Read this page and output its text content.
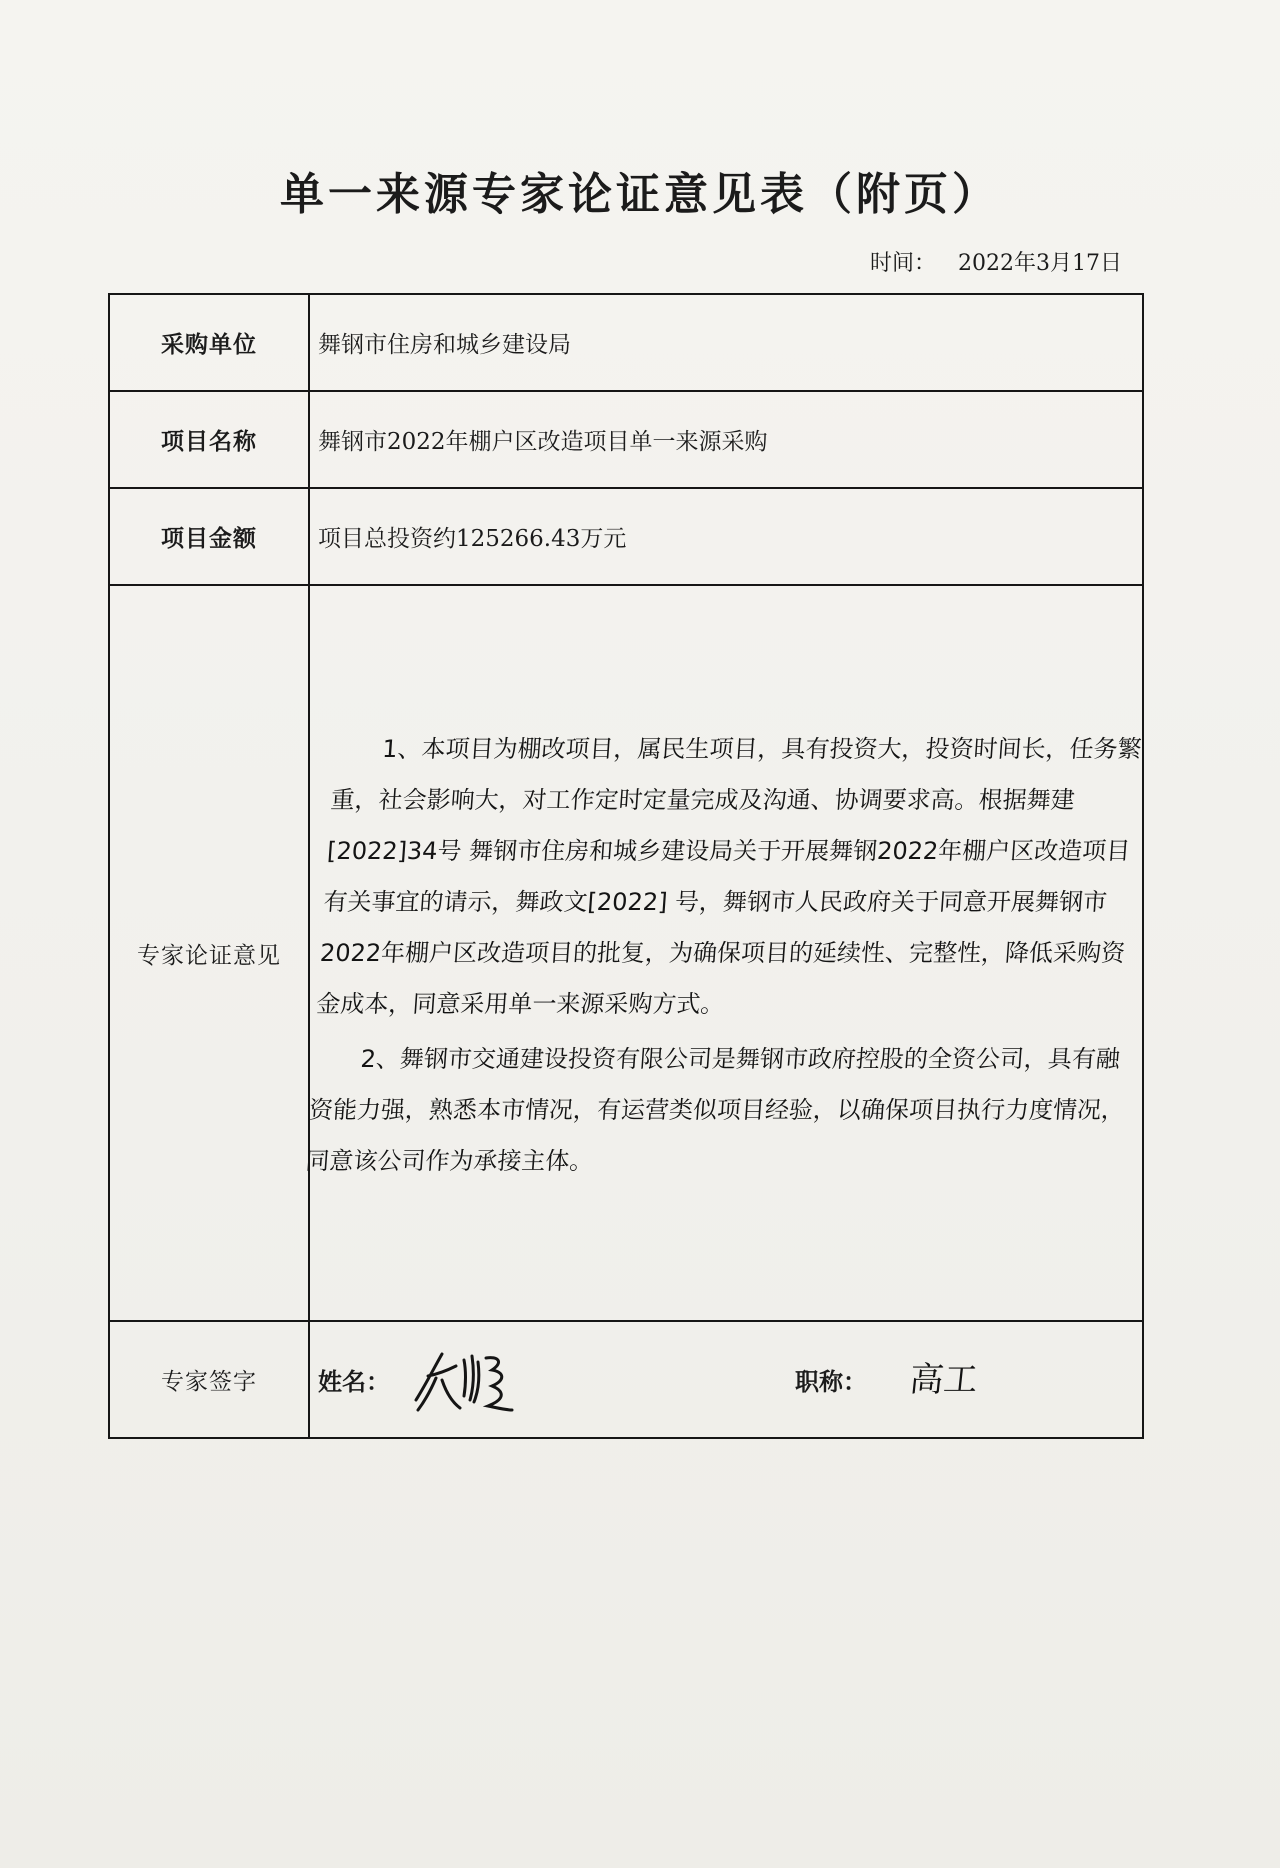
单一来源专家论证意见表（附页）
时间： 2022年3月17日
采购单位	舞钢市住房和城乡建设局
项目名称	舞钢市2022年棚户区改造项目单一来源采购
项目金额	项目总投资约125266.43万元
专家论证意见	1、本项目为棚改项目，属民生项目，具有投资大，投资时间长，任务繁重，社会影响大，对工作定时定量完成及沟通、协调要求高。根据舞建[2022]34号 舞钢市住房和城乡建设局关于开展舞钢2022年棚户区改造项目有关事宜的请示，舞政文[2022] 号，舞钢市人民政府关于同意开展舞钢市2022年棚户区改造项目的批复，为确保项目的延续性、完整性，降低采购资金成本，同意采用单一来源采购方式。

2、舞钢市交通建设投资有限公司是舞钢市政府控股的全资公司，具有融资能力强，熟悉本市情况，有运营类似项目经验，以确保项目执行力度情况，同意该公司作为承接主体。

专家签字	姓名： 职称： 高工
